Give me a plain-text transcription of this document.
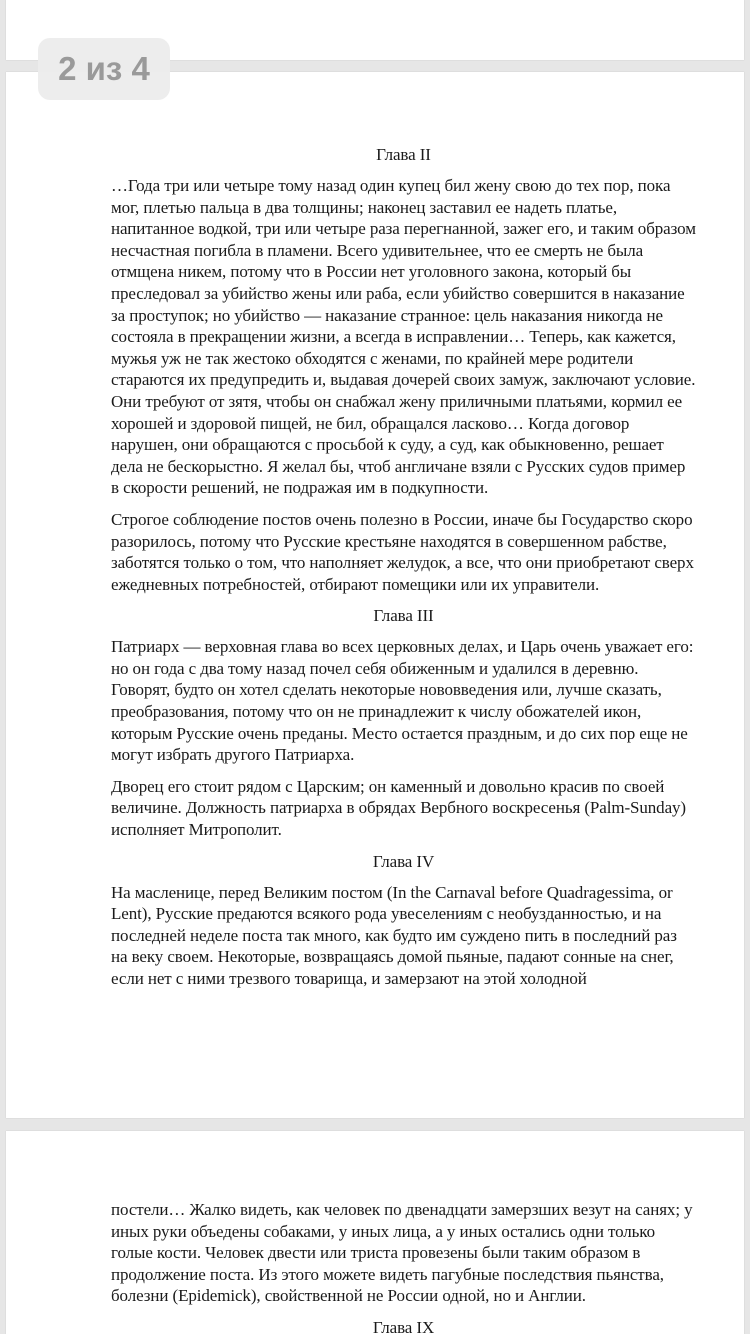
2 из 4
Глава II

…Года три или четыре тому назад один купец бил жену свою до тех пор, пока мог, плетью пальца в два толщины; наконец заставил ее надеть платье, напитанное водкой, три или четыре раза перегнанной, зажег его, и таким образом несчастная погибла в пламени. Всего удивительнее, что ее смерть не была отмщена никем, потому что в России нет уголовного закона, который бы преследовал за убийство жены или раба, если убийство совершится в наказание за проступок; но убийство — наказание странное: цель наказания никогда не состояла в прекращении жизни, а всегда в исправлении… Теперь, как кажется, мужья уж не так жестоко обходятся с женами, по крайней мере родители стараются их предупредить и, выдавая дочерей своих замуж, заключают условие. Они требуют от зятя, чтобы он снабжал жену приличными платьями, кормил ее хорошей и здоровой пищей, не бил, обращался ласково… Когда договор нарушен, они обращаются с просьбой к суду, а суд, как обыкновенно, решает дела не бескорыстно. Я желал бы, чтоб англичане взяли с Русских судов пример в скорости решений, не подражая им в подкупности.

Строгое соблюдение постов очень полезно в России, иначе бы Государство скоро разорилось, потому что Русские крестьяне находятся в совершенном рабстве, заботятся только о том, что наполняет желудок, а все, что они приобретают сверх ежедневных потребностей, отбирают помещики или их управители.

Глава III

Патриарх — верховная глава во всех церковных делах, и Царь очень уважает его: но он года с два тому назад почел себя обиженным и удалился в деревню. Говорят, будто он хотел сделать некоторые нововведения или, лучше сказать, преобразования, потому что он не принадлежит к числу обожателей икон, которым Русские очень преданы. Место остается праздным, и до сих пор еще не могут избрать другого Патриарха.

Дворец его стоит рядом с Царским; он каменный и довольно красив по своей величине. Должность патриарха в обрядах Вербного воскресенья (Palm-Sunday) исполняет Митрополит.

Глава IV

На масленице, перед Великим постом (In the Carnaval before Quadragessima, or Lent), Русские предаются всякого рода увеселениям с необузданностью, и на последней неделе поста так много, как будто им суждено пить в последний раз на веку своем. Некоторые, возвращаясь домой пьяные, падают сонные на снег, если нет с ними трезвого товарища, и замерзают на этой холодной

постели… Жалко видеть, как человек по двенадцати замерзших везут на санях; у иных руки объедены собаками, у иных лица, а у иных остались одни только голые кости. Человек двести или триста провезены были таким образом в продолжение поста. Из этого можете видеть пагубные последствия пьянства, болезни (Epidemick), свойственной не России одной, но и Англии.

Глава IX
